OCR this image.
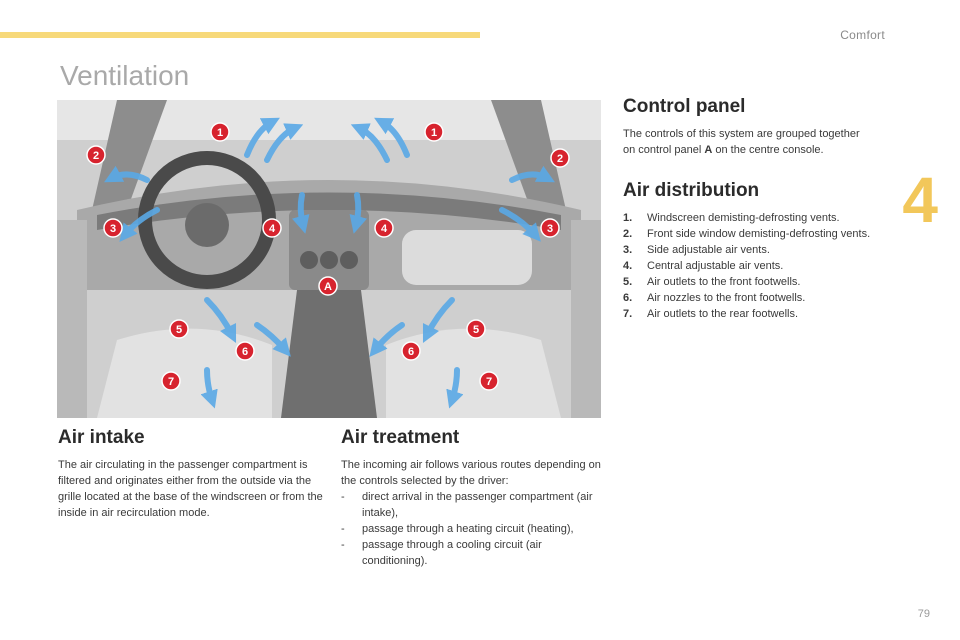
Comfort
4
Ventilation
1	1
2	2
3	3
4	4
5	5
6	6
7	7
A
Control panel

The controls of this system are grouped together on control panel A on the centre console.

Air distribution
1. Windscreen demisting-defrosting vents.
2. Front side window demisting-defrosting vents.
3. Side adjustable air vents.
4. Central adjustable air vents.
5. Air outlets to the front footwells.
6. Air nozzles to the front footwells.
7. Air outlets to the rear footwells.
Air intake

The air circulating in the passenger compartment is filtered and originates either from the outside via the grille located at the base of the windscreen or from the inside in air recirculation mode.

Air treatment

The incoming air follows various routes depending on the controls selected by the driver:

- direct arrival in the passenger compartment (air intake),
- passage through a heating circuit (heating),
- passage through a cooling circuit (air conditioning).
79
